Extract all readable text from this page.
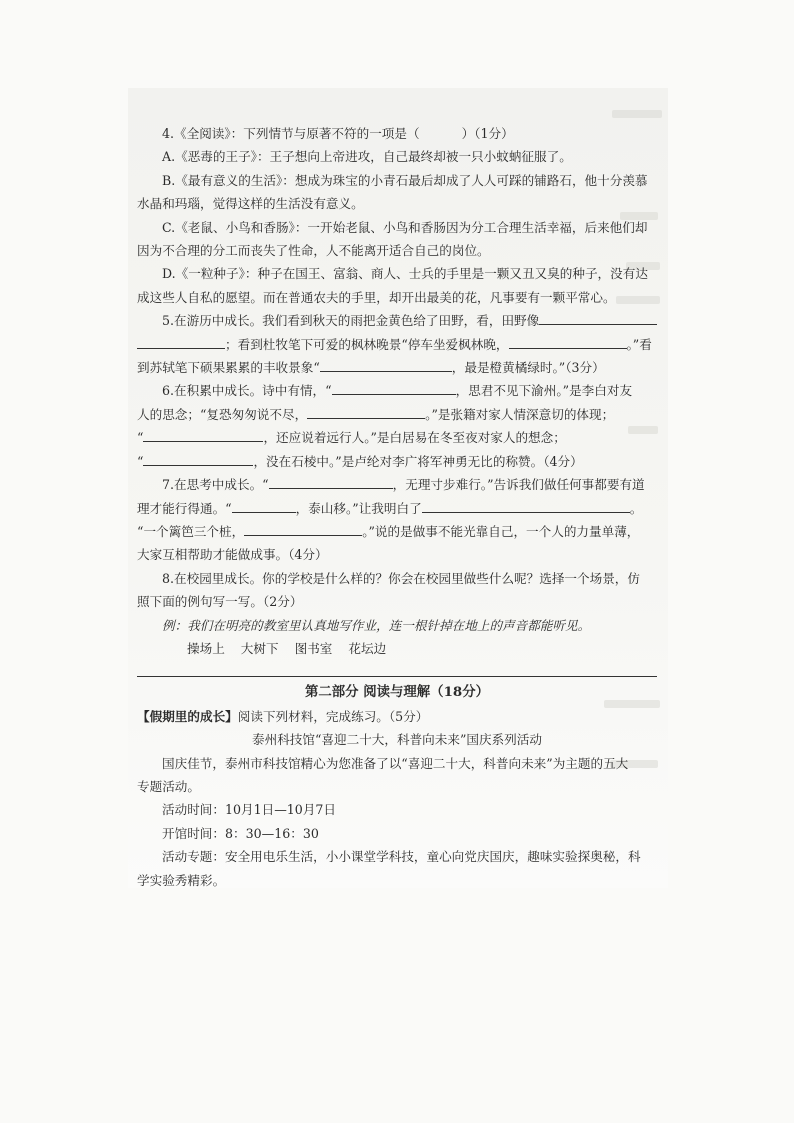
4.《全阅读》：下列情节与原著不符的一项是（	）（1分）
A.《恶毒的王子》：王子想向上帝进攻，自己最终却被一只小蚊蚋征服了。
B.《最有意义的生活》：想成为珠宝的小青石最后却成了人人可踩的铺路石，他十分羡慕
水晶和玛瑙，觉得这样的生活没有意义。
C.《老鼠、小鸟和香肠》：一开始老鼠、小鸟和香肠因为分工合理生活幸福，后来他们却
因为不合理的分工而丧失了性命，人不能离开适合自己的岗位。
D.《一粒种子》：种子在国王、富翁、商人、士兵的手里是一颗又丑又臭的种子，没有达
成这些人自私的愿望。而在普通农夫的手里，却开出最美的花，凡事要有一颗平常心。
5.在游历中成长。我们看到秋天的雨把金黄色给了田野，看，田野像
；看到杜牧笔下可爱的枫林晚景“停车坐爱枫林晚，	。”看
到苏轼笔下硕果累累的丰收景象“	，最是橙黄橘绿时。”（3分）
6.在积累中成长。诗中有情，“	，思君不见下渝州。”是李白对友
人的思念；“复恐匆匆说不尽，	。”是张籍对家人情深意切的体现；
“	，还应说着远行人。”是白居易在冬至夜对家人的想念；
“	，没在石棱中。”是卢纶对李广将军神勇无比的称赞。（4分）
7.在思考中成长。“	，无理寸步难行。”告诉我们做任何事都要有道
理才能行得通。“	，泰山移。”让我明白了	。
“一个篱笆三个桩，	。”说的是做事不能光靠自己，一个人的力量单薄，
大家互相帮助才能做成事。（4分）
8.在校园里成长。你的学校是什么样的？你会在校园里做些什么呢？选择一个场景，仿
照下面的例句写一写。（2分）
例：我们在明亮的教室里认真地写作业，连一根针掉在地上的声音都能听见。
操场上 大树下 图书室 花坛边
第二部分 阅读与理解（18分）
【假期里的成长】阅读下列材料，完成练习。（5分）
泰州科技馆“喜迎二十大，科普向未来”国庆系列活动
国庆佳节，泰州市科技馆精心为您准备了以“喜迎二十大，科普向未来”为主题的五大
专题活动。
活动时间：10月1日—10月7日
开馆时间：8：30—16：30
活动专题：安全用电乐生活，小小课堂学科技，童心向党庆国庆，趣味实验探奥秘，科
学实验秀精彩。
